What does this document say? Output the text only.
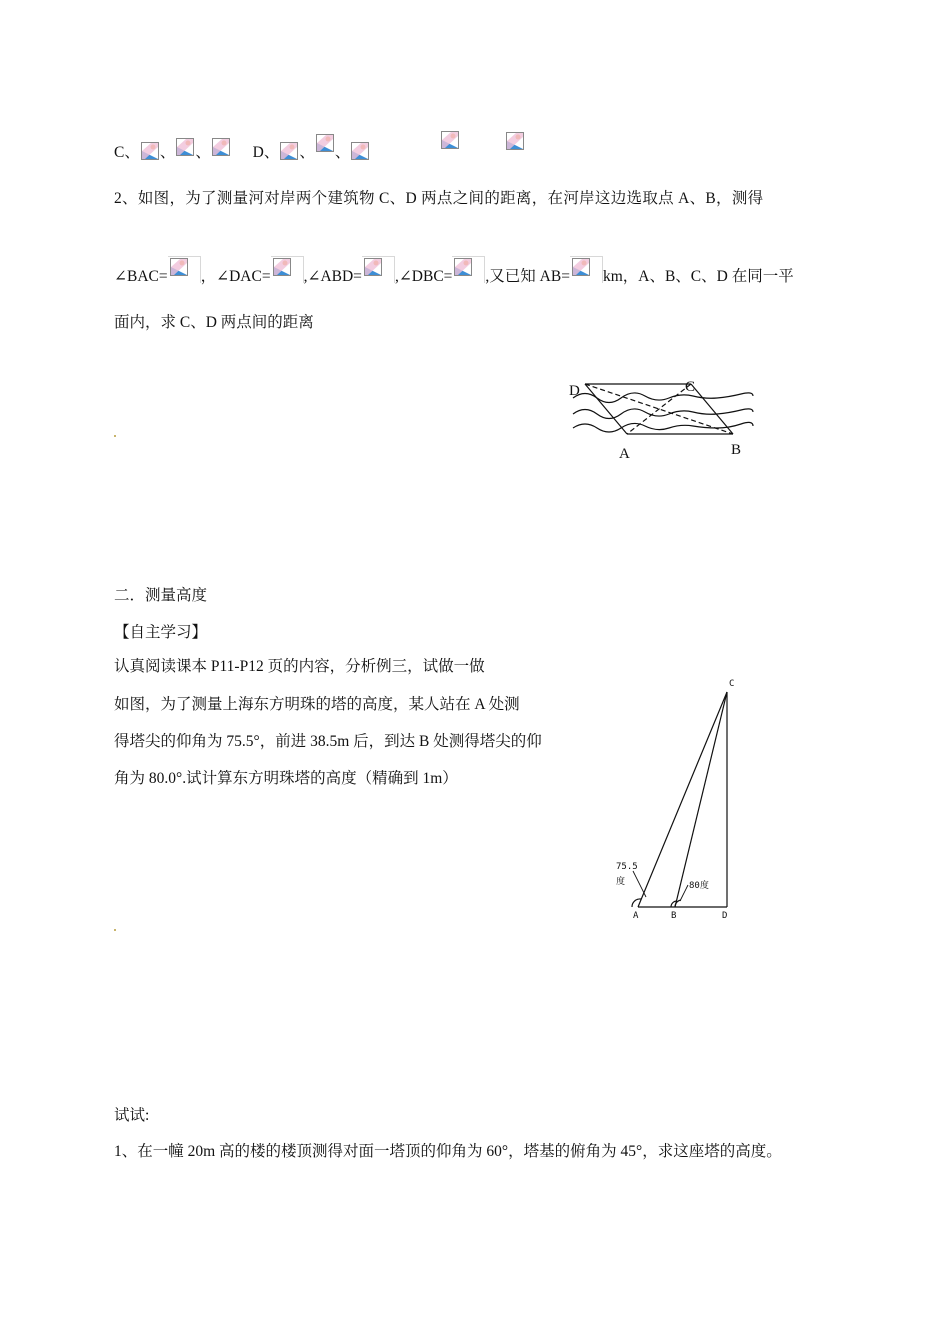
C、 、 、	D、 、 、
2、如图，为了测量河对岸两个建筑物 C、D 两点之间的距离，在河岸这边选取点 A、B，测得
∠BAC= ，∠DAC= ,∠ABD= ,∠DBC= ,又已知 AB= km，A、B、C、D 在同一平
面内，求 C、D 两点间的距离
D	C
A	B
二．测量高度
【自主学习】
认真阅读课本 P11-P12 页的内容，分析例三，试做一做
如图，为了测量上海东方明珠的塔的高度，某人站在 A 处测
得塔尖的仰角为 75.5°，前进 38.5m 后，到达 B 处测得塔尖的仰
角为 80.0°.试计算东方明珠塔的高度（精确到 1m）
C
75.5
度	80度
A	B	D
试试:
1、在一幢 20m 高的楼的楼顶测得对面一塔顶的仰角为 60°，塔基的俯角为 45°，求这座塔的高度。
